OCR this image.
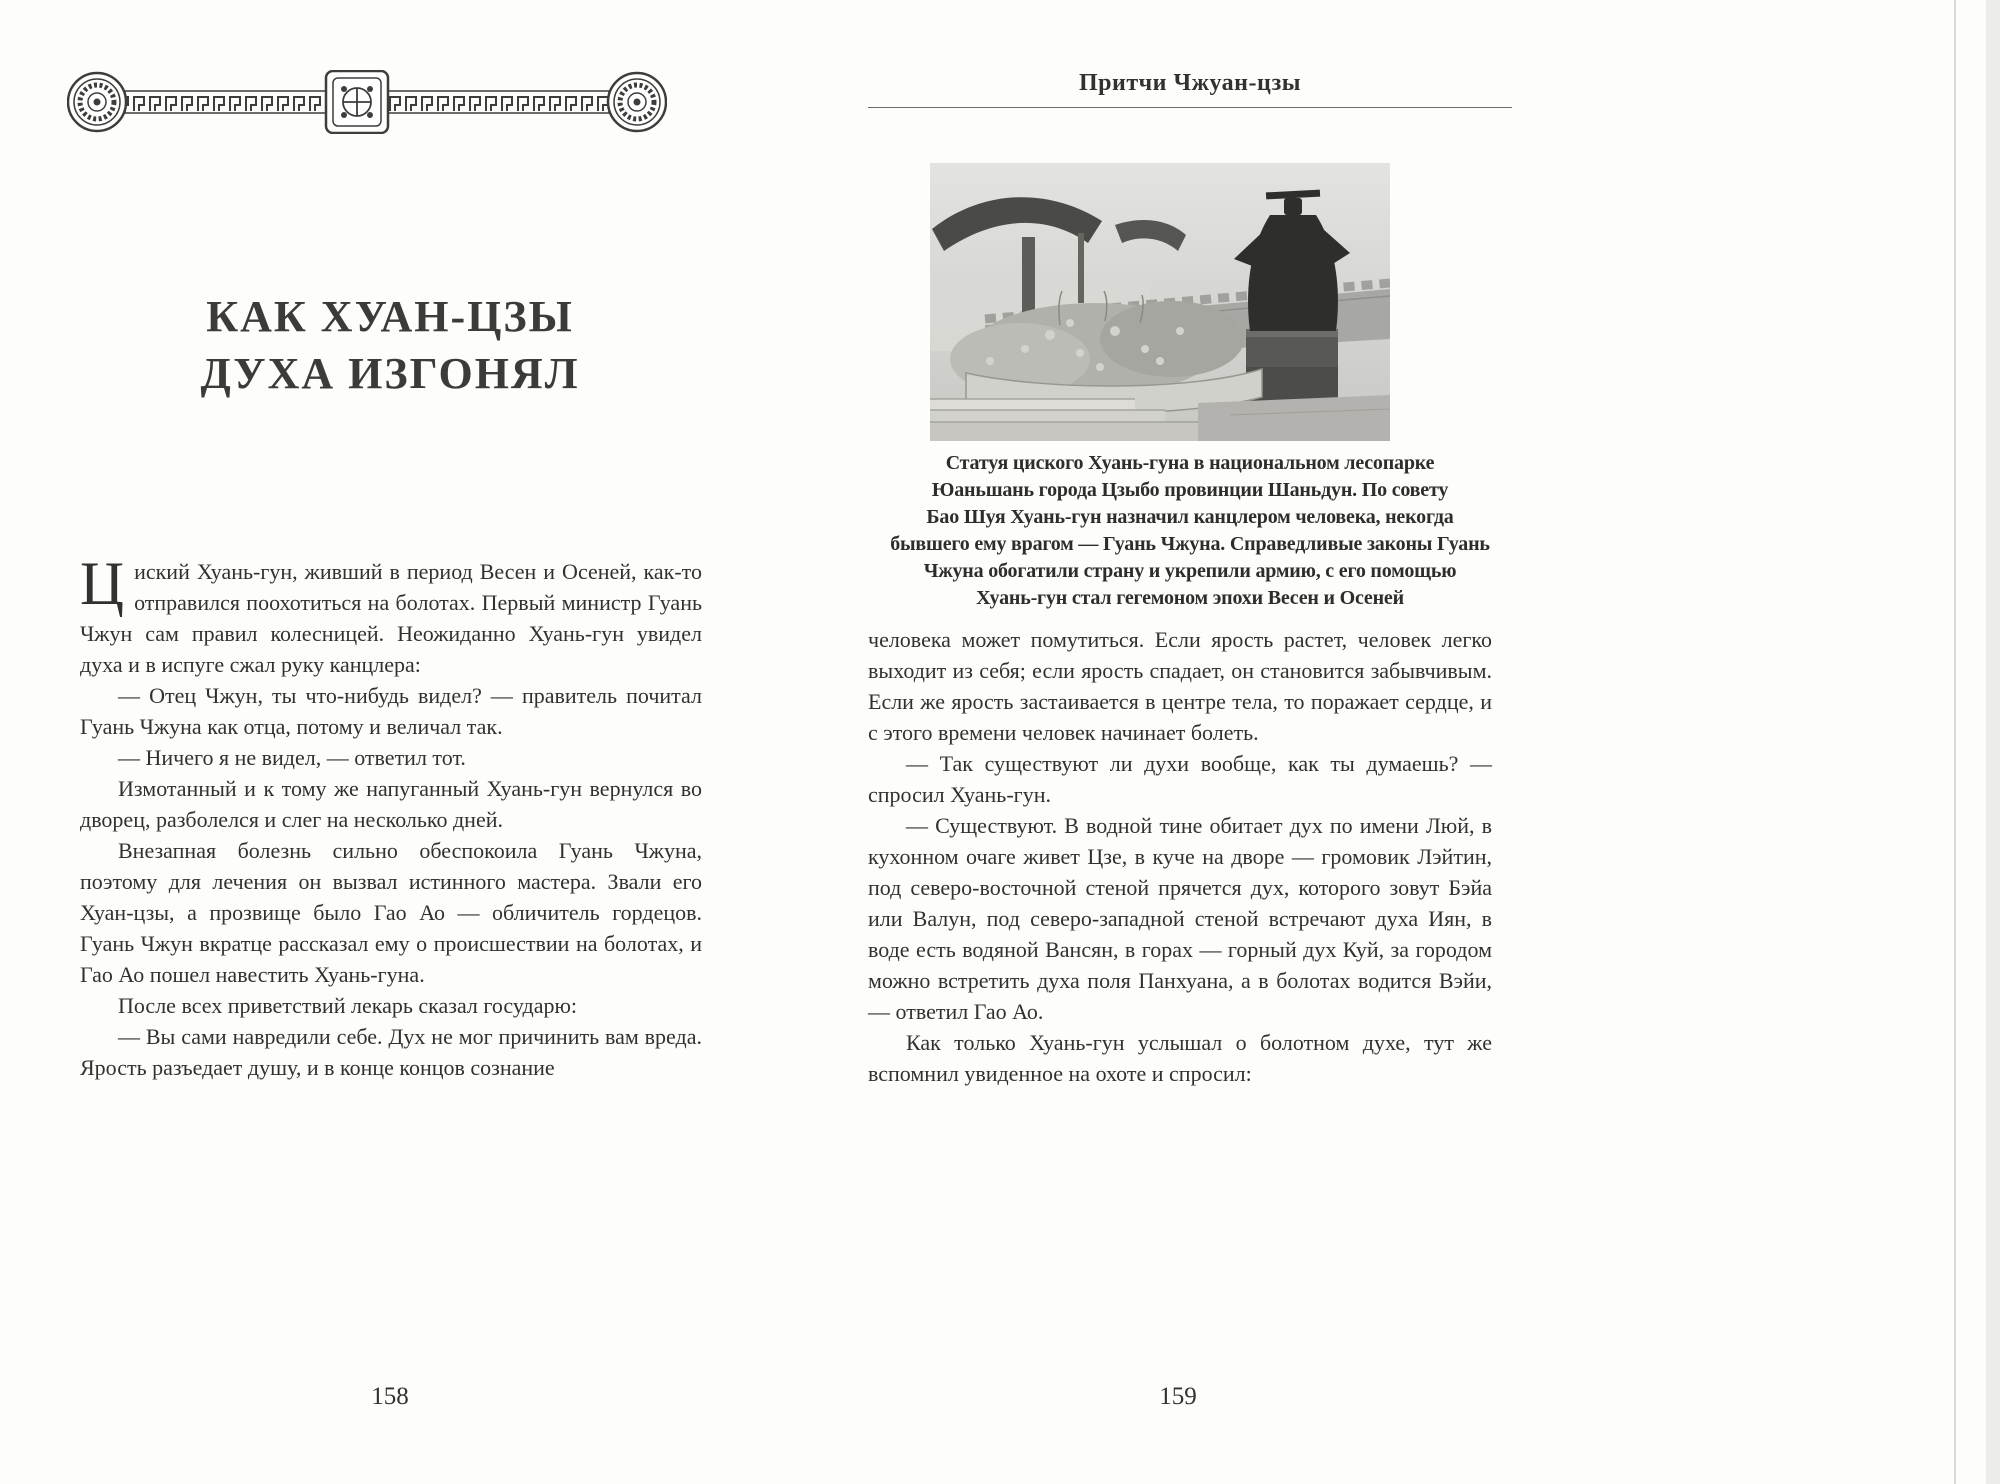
КАК ХУАН-ЦЗЫ
ДУХА ИЗГОНЯЛ

Циский Хуань-гун, живший в период Весен и Осеней, как-то отправился поохотиться на болотах. Первый министр Гуань Чжун сам правил колесницей. Неожиданно Хуань-гун увидел духа и в испуге сжал руку канцлера:

— Отец Чжун, ты что-нибудь видел? — правитель почитал Гуань Чжуна как отца, потому и величал так.

— Ничего я не видел, — ответил тот.

Измотанный и к тому же напуганный Хуань-гун вернулся во дворец, разболелся и слег на несколько дней.

Внезапная болезнь сильно обеспокоила Гуань Чжуна, поэтому для лечения он вызвал истинного мастера. Звали его Хуан-цзы, а прозвище было Гао Ао — обличитель гордецов. Гуань Чжун вкратце рассказал ему о происшествии на болотах, и Гао Ао пошел навестить Хуань-гуна.

После всех приветствий лекарь сказал государю:

— Вы сами навредили себе. Дух не мог причинить вам вреда. Ярость разъедает душу, и в конце концов сознание

158
Притчи Чжуан-цзы
Статуя циского Хуань-гуна в национальном лесопарке
Юаньшань города Цзыбо провинции Шаньдун. По совету
Бао Шуя Хуань-гун назначил канцлером человека, некогда
бывшего ему врагом — Гуань Чжуна. Справедливые законы Гуань
Чжуна обогатили страну и укрепили армию, с его помощью
Хуань-гун стал гегемоном эпохи Весен и Осеней

человека может помутиться. Если ярость растет, человек легко выходит из себя; если ярость спадает, он становится забывчивым. Если же ярость застаивается в центре тела, то поражает сердце, и с этого времени человек начинает болеть.

— Так существуют ли духи вообще, как ты думаешь? — спросил Хуань-гун.

— Существуют. В водной тине обитает дух по имени Люй, в кухонном очаге живет Цзе, в куче на дворе — громовик Лэйтин, под северо-восточной стеной прячется дух, которого зовут Бэйа или Валун, под северо-западной стеной встречают духа Иян, в воде есть водяной Вансян, в горах — горный дух Куй, за городом можно встретить духа поля Панхуана, а в болотах водится Вэйи, — ответил Гао Ао.

Как только Хуань-гун услышал о болотном духе, тут же вспомнил увиденное на охоте и спросил:

159
